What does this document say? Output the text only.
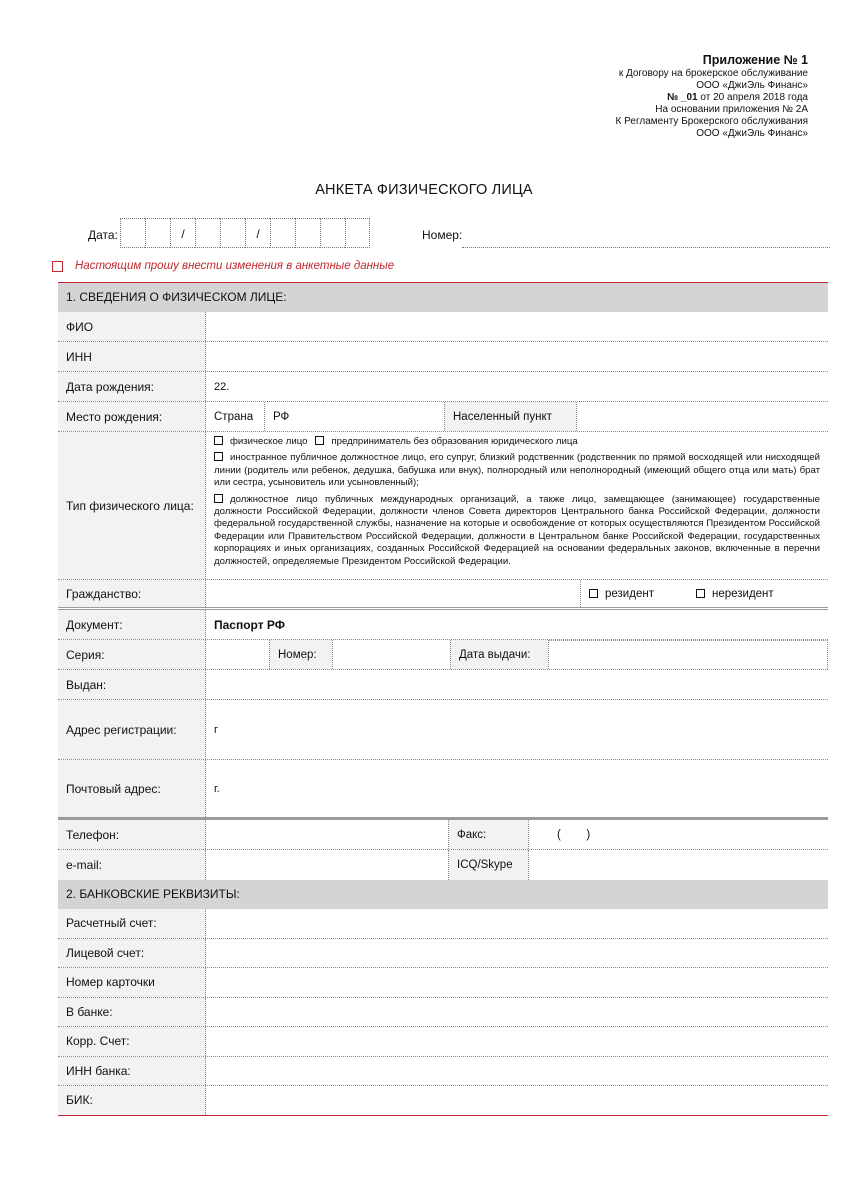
Приложение № 1
к Договору на брокерское обслуживание
ООО «ДжиЭль Финанс»
№ _01 от 20 апреля 2018 года
На основании приложения № 2А
К Регламенту Брокерского обслуживания
ООО «ДжиЭль Финанс»
АНКЕТА ФИЗИЧЕСКОГО ЛИЦА
Дата:	/	/	Номер:
Настоящим прошу внести изменения в анкетные данные
1. СВЕДЕНИЯ О ФИЗИЧЕСКОМ ЛИЦЕ:
ФИО
ИНН
Дата рождения:	22.
Место рождения:	Страна	РФ	Населенный пункт
Тип физического лица:

физическое лицо	предприниматель без образования юридического лица

иностранное публичное должностное лицо, его супруг, близкий родственник (родственник по прямой восходящей или нисходящей линии (родитель или ребенок, дедушка, бабушка или внук), полнородный или неполнородный (имеющий общего отца или мать) брат или сестра, усыновитель или усыновленный);

должностное лицо публичных международных организаций, а также лицо, замещающее (занимающее) государственные должности Российской Федерации, должности членов Совета директоров Центрального банка Российской Федерации, должности федеральной государственной службы, назначение на которые и освобождение от которых осуществляются Президентом Российской Федерации или Правительством Российской Федерации, должности в Центральном банке Российской Федерации, государственных корпорациях и иных организациях, созданных Российской Федерацией на основании федеральных законов, включенные в перечни должностей, определяемые Президентом Российской Федерации.

Гражданство:	резидент	нерезидент
Документ:	Паспорт РФ
Серия:	Номер:	Дата выдачи:
Выдан:
Адрес регистрации:	г
Почтовый адрес:	г.
Телефон:	Факс:	(        )
e-mail:	ICQ/Skype
2. БАНКОВСКИЕ РЕКВИЗИТЫ:
Расчетный счет:
Лицевой счет:
Номер карточки
В банке:
Корр. Счет:
ИНН банка:
БИК:
